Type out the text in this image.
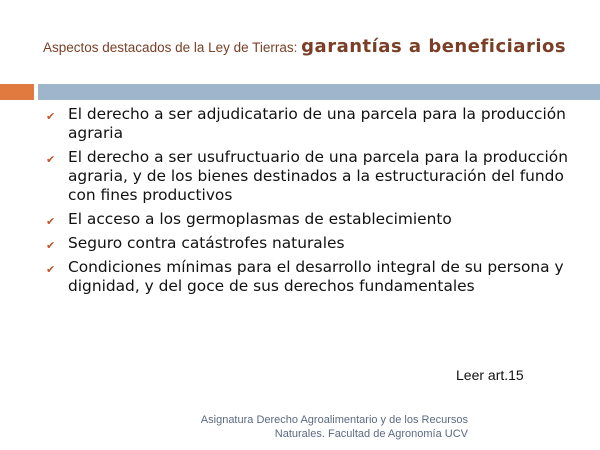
Aspectos destacados de la Ley de Tierras: garantías a beneficiarios
✔ El derecho a ser adjudicatario de una parcela para la producción agraria
✔ El derecho a ser usufructuario de una parcela para la producción agraria, y de los bienes destinados a la estructuración del fundo con fines productivos
✔ El acceso a los germoplasmas de establecimiento
✔ Seguro contra catástrofes naturales
✔ Condiciones mínimas para el desarrollo integral de su persona y dignidad, y del goce de sus derechos fundamentales
Leer art.15
Asignatura Derecho Agroalimentario y de los Recursos
Naturales. Facultad de Agronomía UCV
